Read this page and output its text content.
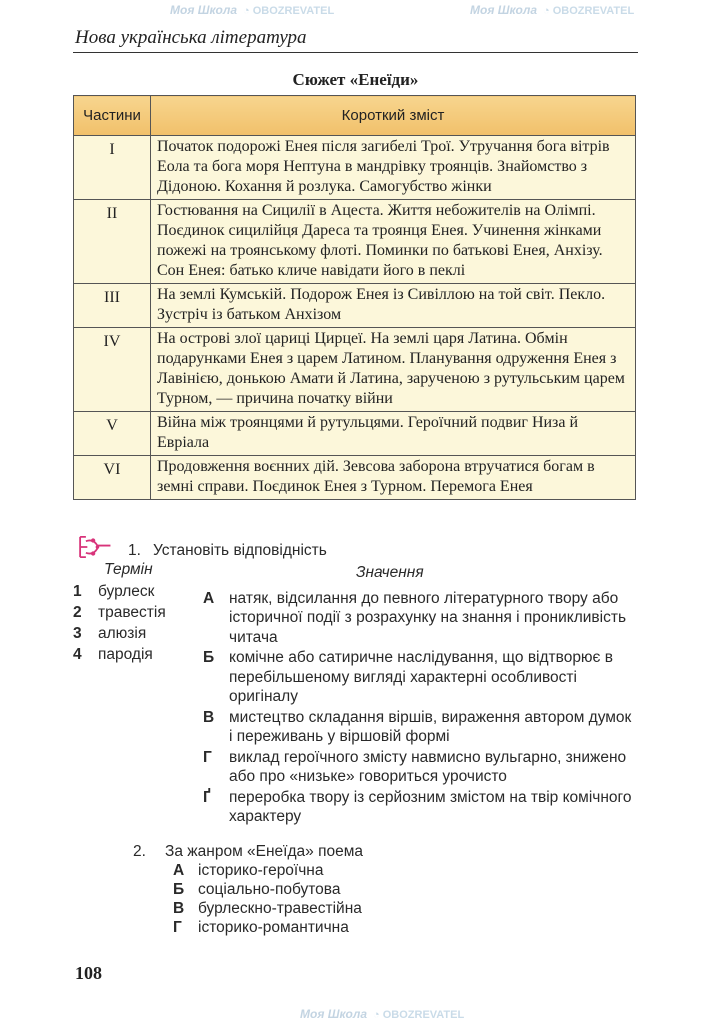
Нова українська література
Сюжет «Енеїди»
Частини	Короткий зміст
I	Початок подорожі Енея після загибелі Трої. Утручання бога вітрів Еола та бога моря Нептуна в мандрівку троянців. Знайомство з Дідоною. Кохання й розлука. Самогубство жінки
II	Гостювання на Сицилії в Ацеста. Життя небожителів на Олімпі. Поєдинок сицилійця Дареса та троянця Енея. Учинення жінками пожежі на троянському флоті. Поминки по батькові Енея, Анхізу. Сон Енея: батько кличе навідати його в пеклі
III	На землі Кумській. Подорож Енея із Сивіллою на той світ. Пекло. Зустріч із батьком Анхізом
IV	На острові злої цариці Цирцеї. На землі царя Латина. Обмін подарунками Енея з царем Латином. Планування одруження Енея з Лавінією, донькою Амати й Латина, зарученою з рутульським царем Турном, — причина початку війни
V	Війна між троянцями й рутульцями. Героїчний подвиг Низа й Евріала
VI	Продовження воєнних дій. Зевсова заборона втручатися богам в земні справи. Поєдинок Енея з Турном. Перемога Енея
1. Установіть відповідність
Термін
1 бурлеск
2 травестія
3 алюзія
4 пародія
Значення
А натяк, відсилання до певного літературного твору або історичної події з розрахунку на знання і проникливість читача
Б комічне або сатиричне наслідування, що відтворює в перебільшеному вигляді характерні особливості оригіналу
В мистецтво складання віршів, вираження автором думок і переживань у віршовій формі
Г	виклад героїчного змісту навмисно вульгарно, знижено або про «низьке» говориться урочисто
Ґ	переробка твору із серйозним змістом на твір комічного характеру
2. За жанром «Енеїда» поема
А історико-героїчна
Б соціально-побутова
В бурлескно-травестійна
Г історико-романтична
108
Моя Школа ◔ OBOZREVATEL	Моя Школа ◔ OBOZREVATEL
Моя Школа ◔ OBOZREVATEL
